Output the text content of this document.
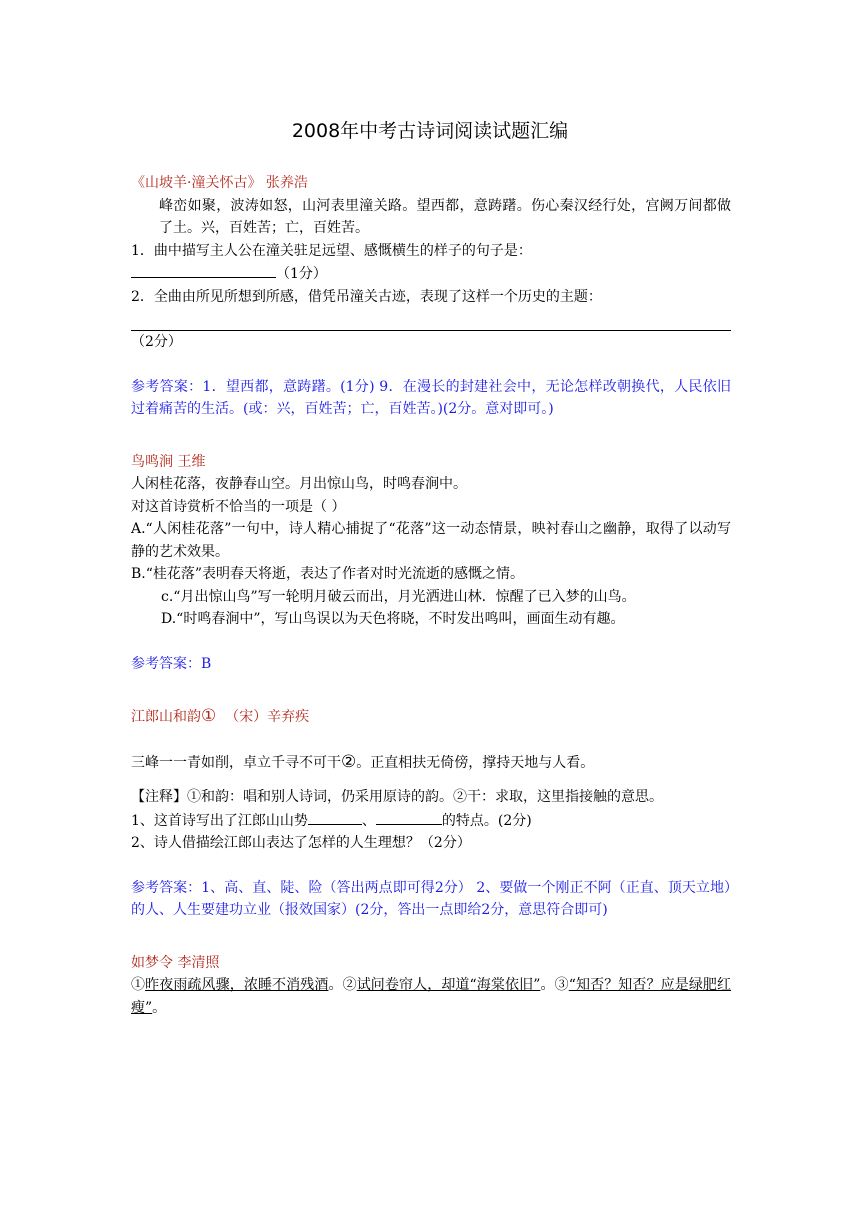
2008年中考古诗词阅读试题汇编

《山坡羊·潼关怀古》 张养浩

峰峦如聚，波涛如怒，山河表里潼关路。望西都，意踌躇。伤心秦汉经行处，宫阙万间都做了土。兴，百姓苦；亡，百姓苦。

1．曲中描写主人公在潼关驻足远望、感慨横生的样子的句子是：

（1分）

2．全曲由所见所想到所感，借凭吊潼关古迹，表现了这样一个历史的主题：

（2分）

参考答案：1．望西都，意踌躇。(1分) 9．在漫长的封建社会中，无论怎样改朝换代，人民依旧过着痛苦的生活。(或：兴，百姓苦；亡，百姓苦。)(2分。意对即可。)

鸟鸣涧 王维

人闲桂花落，夜静春山空。月出惊山鸟，时鸣春涧中。

对这首诗赏析不恰当的一项是（ ）

A.“人闲桂花落”一句中，诗人精心捕捉了“花落”这一动态情景，映衬春山之幽静，取得了以动写静的艺术效果。

B.“桂花落”表明春天将逝，表达了作者对时光流逝的感慨之情。

c.“月出惊山鸟”写一轮明月破云而出，月光洒进山林．惊醒了已入梦的山鸟。

D.“时鸣春涧中”，写山鸟误以为天色将晓，不时发出鸣叫，画面生动有趣。

参考答案：B

江郎山和韵① （宋）辛弃疾

三峰一一青如削，卓立千寻不可干②。正直相扶无倚傍，撑持天地与人看。

【注释】①和韵：唱和别人诗词，仍采用原诗的韵。②干：求取，这里指接触的意思。

1、这首诗写出了江郎山山势	、	的特点。(2分)

2、诗人借描绘江郎山表达了怎样的人生理想？（2分）

参考答案：1、高、直、陡、险（答出两点即可得2分） 2、要做一个刚正不阿（正直、顶天立地）的人、人生要建功立业（报效国家）(2分，答出一点即给2分，意思符合即可)

如梦令 李清照

①昨夜雨疏风骤，浓睡不消残酒。②试问卷帘人，却道“海棠依旧”。③“知否？知否？应是绿肥红瘦”。
